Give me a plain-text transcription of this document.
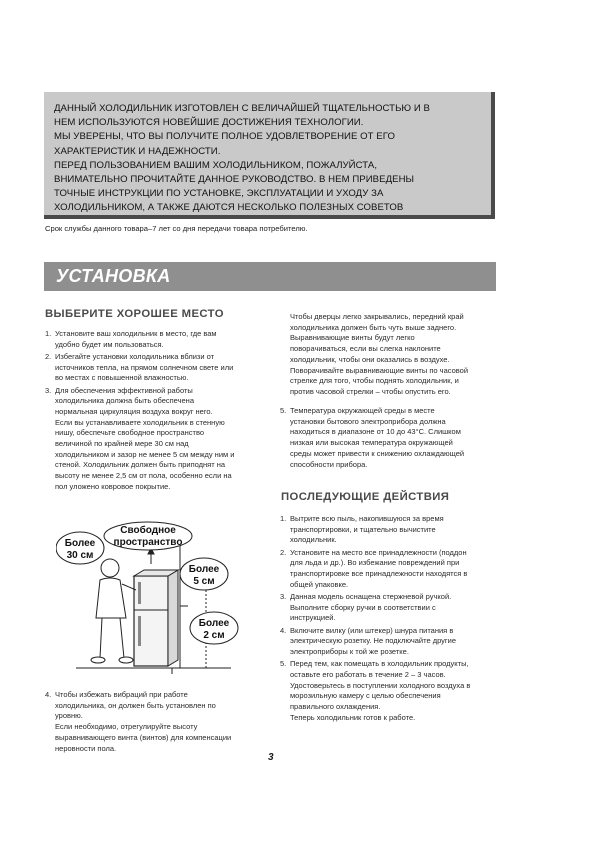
ДАННЫЙ ХОЛОДИЛЬНИК ИЗГОТОВЛЕН С ВЕЛИЧАЙШЕЙ ТЩАТЕЛЬНОСТЬЮ И В
НЕМ ИСПОЛЬЗУЮТСЯ НОВЕЙШИЕ ДОСТИЖЕНИЯ ТЕХНОЛОГИИ.
МЫ УВЕРЕНЫ, ЧТО ВЫ ПОЛУЧИТЕ ПОЛНОЕ УДОВЛЕТВОРЕНИЕ ОТ ЕГО
ХАРАКТЕРИСТИК И НАДЕЖНОСТИ.
ПЕРЕД ПОЛЬЗОВАНИЕМ ВАШИМ ХОЛОДИЛЬНИКОМ, ПОЖАЛУЙСТА,
ВНИМАТЕЛЬНО ПРОЧИТАЙТЕ ДАННОЕ РУКОВОДСТВО. В НЕМ ПРИВЕДЕНЫ
ТОЧНЫЕ ИНСТРУКЦИИ ПО УСТАНОВКЕ, ЭКСПЛУАТАЦИИ И УХОДУ ЗА
ХОЛОДИЛЬНИКОМ, А ТАКЖЕ ДАЮТСЯ НЕСКОЛЬКО ПОЛЕЗНЫХ СОВЕТОВ
Срок службы данного товара–7 лет со дня передачи товара потребителю.
УСТАНОВКА
ВЫБЕРИТЕ ХОРОШЕЕ МЕСТО
1. Установите ваш холодильник в место, где вам
удобно будет им пользоваться.
2. Избегайте установки холодильника вблизи от
источников тепла, на прямом солнечном свете или
во местах с повышенной влажностью.
3. Для обеспечения эффективной работы
холодильника должна быть обеспечена
нормальная циркуляция воздуха вокруг него.
Если вы устанавливаете холодильник в стенную
нишу, обеспечьте свободное пространство
величиной по крайней мере 30 см над
холодильником и зазор не менее 5 см между ним и
стеной. Холодильник должен быть приподнят на
высоту не менее 2,5 см от пола, особенно если на
пол уложено ковровое покрытие.
Свободное
пространство
Более
30 см
Более
5 см
Более
2 см
4. Чтобы избежать вибраций при работе
холодильника, он должен быть установлен по
уровню.
Если необходимо, отрегулируйте высоту
выравнивающего винта (винтов) для компенсации
неровности пола.
Чтобы дверцы легко закрывались, передний край
холодильника должен быть чуть выше заднего.
Выравнивающие винты будут легко
поворачиваться, если вы слегка наклоните
холодильник, чтобы они оказались в воздухе.
Поворачивайте выравнивающие винты по часовой
стрелке для того, чтобы поднять холодильник, и
против часовой стрелки – чтобы опустить его.
5. Температура окружающей среды в месте
установки бытового электроприбора должна
находиться в диапазоне от 10 до 43°С. Слишком
низкая или высокая температура окружающей
среды может привести к снижению охлаждающей
способности прибора.
ПОСЛЕДУЮЩИЕ ДЕЙСТВИЯ
1. Вытрите всю пыль, накопившуюся за время
транспортировки, и тщательно вычистите
холодильник.
2. Установите на место все принадлежности (поддон
для льда и др.). Во избежание повреждений при
транспортировке все принадлежности находятся в
общей упаковке.
3. Данная модель оснащена стержневой ручкой.
Выполните сборку ручки в соответствии с
инструкцией.
4. Включите вилку (или штекер) шнура питания в
электрическую розетку. Не подключайте другие
электроприборы к той же розетке.
5. Перед тем, как помещать в холодильник продукты,
оставьте его работать в течение 2 – 3 часов.
Удостоверьтесь в поступлении холодного воздуха в
морозильную камеру с целью обеспечения
правильного охлаждения.
Теперь холодильник готов к работе.
3
